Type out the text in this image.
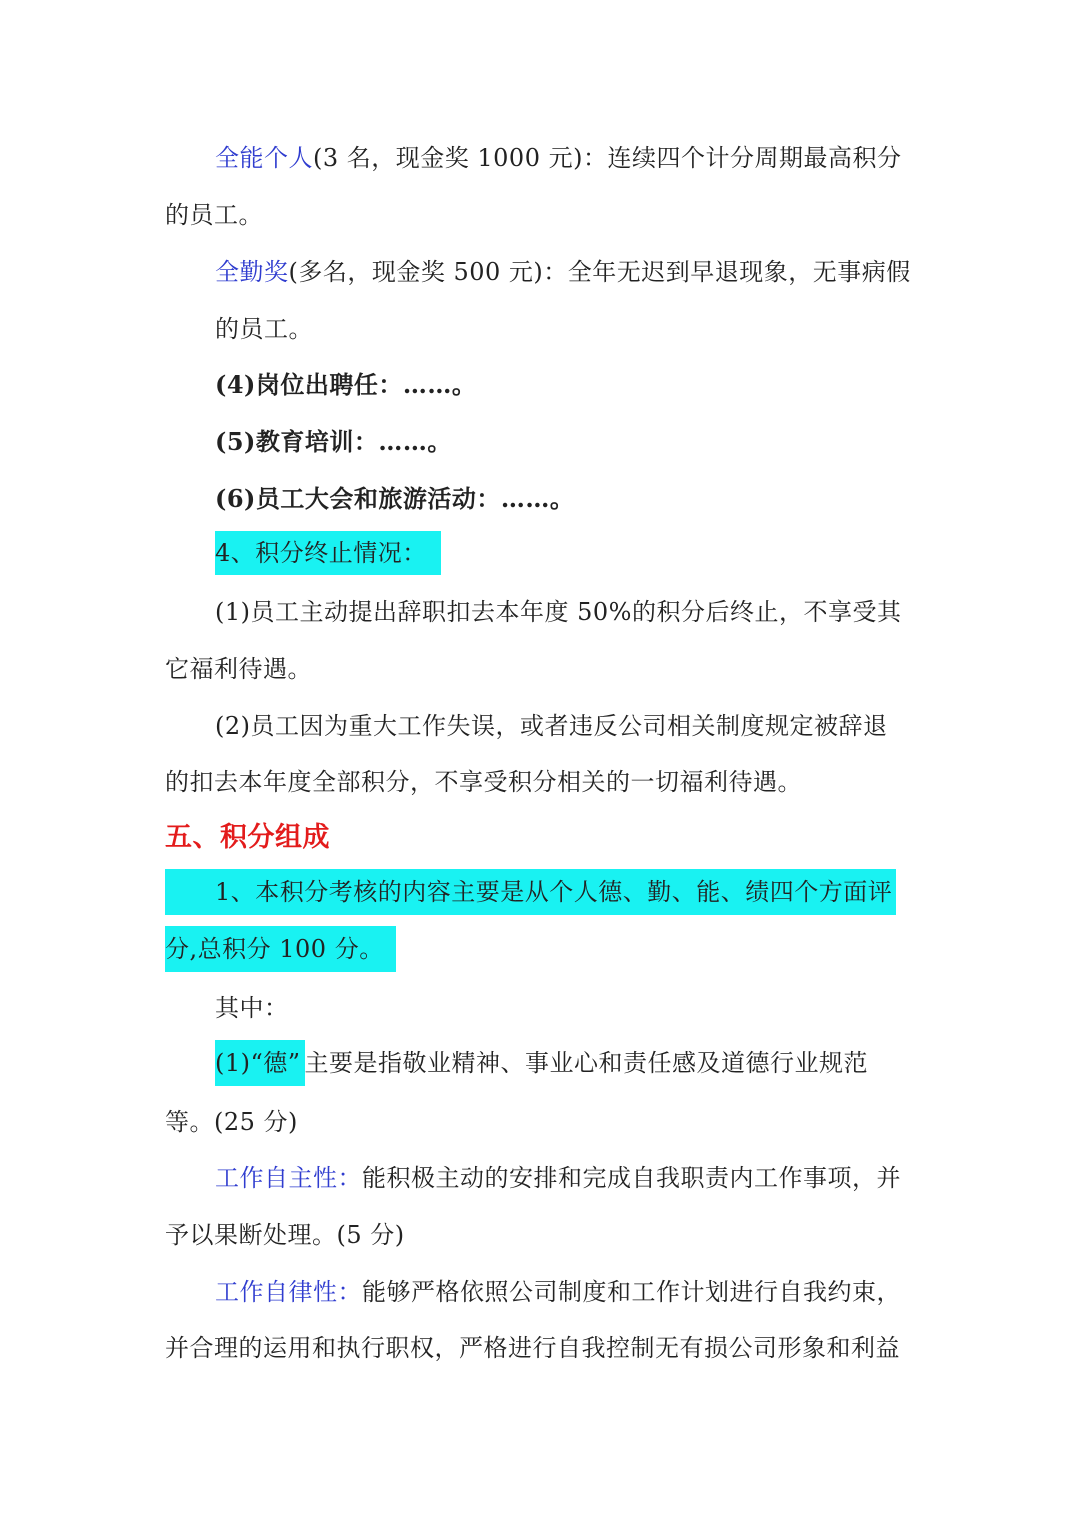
全能个人(3 名，现金奖 1000 元)：连续四个计分周期最高积分
的员工。
全勤奖(多名，现金奖 500 元)：全年无迟到早退现象，无事病假
的员工。
(4)岗位出聘任：……。
(5)教育培训：……。
(6)员工大会和旅游活动：……。
4、积分终止情况：
(1)员工主动提出辞职扣去本年度 50%的积分后终止，不享受其
它福利待遇。
(2)员工因为重大工作失误，或者违反公司相关制度规定被辞退
的扣去本年度全部积分，不享受积分相关的一切福利待遇。
五、积分组成
1、本积分考核的内容主要是从个人德、勤、能、绩四个方面评
分,总积分 100 分。
其中：
(1)“德” 主要是指敬业精神、事业心和责任感及道德行业规范
等。(25 分)
工作自主性：能积极主动的安排和完成自我职责内工作事项，并
予以果断处理。(5 分)
工作自律性：能够严格依照公司制度和工作计划进行自我约束，
并合理的运用和执行职权，严格进行自我控制无有损公司形象和利益
